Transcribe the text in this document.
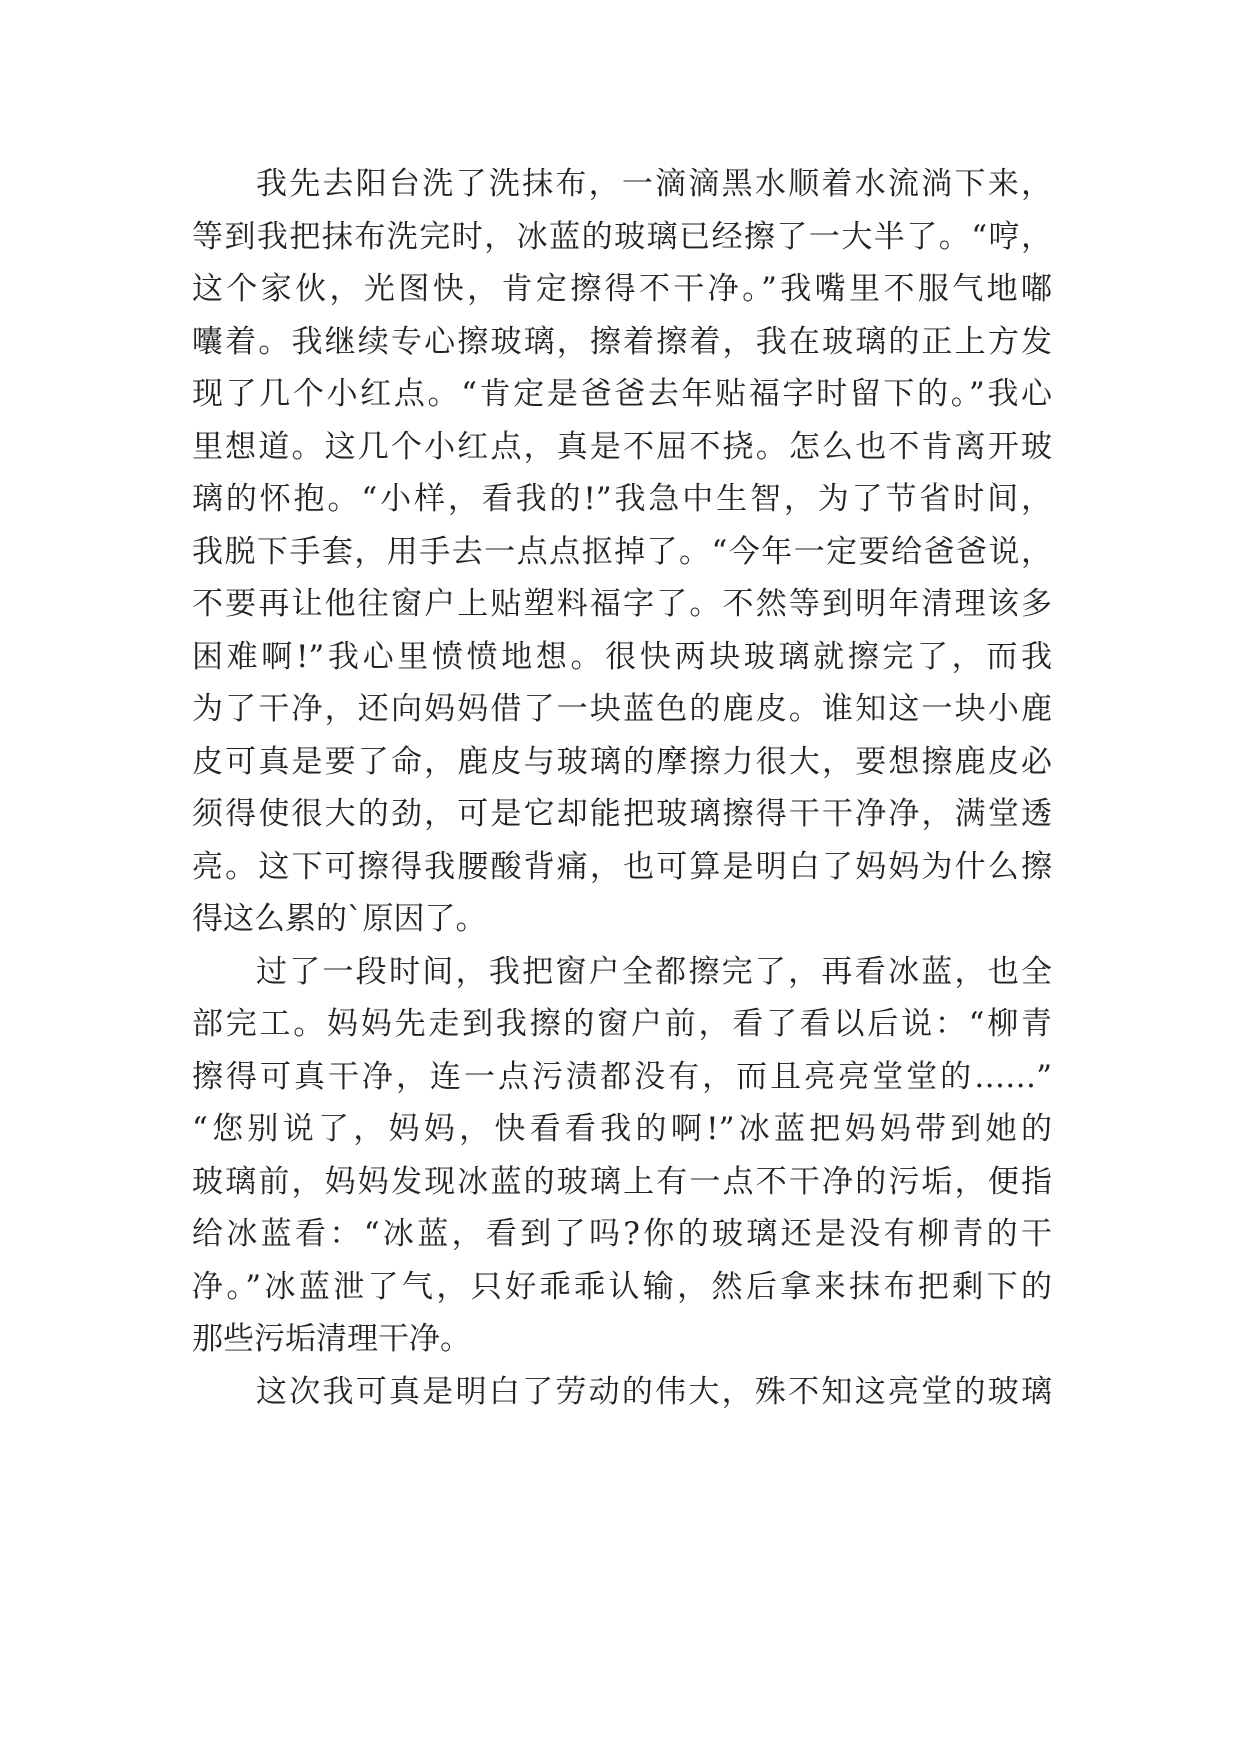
我先去阳台洗了洗抹布，一滴滴黑水顺着水流淌下来，
等到我把抹布洗完时，冰蓝的玻璃已经擦了一大半了。“哼，
这个家伙，光图快，肯定擦得不干净。”我嘴里不服气地嘟
囔着。我继续专心擦玻璃，擦着擦着，我在玻璃的正上方发
现了几个小红点。“肯定是爸爸去年贴福字时留下的。”我心
里想道。这几个小红点，真是不屈不挠。怎么也不肯离开玻
璃的怀抱。“小样，看我的!”我急中生智，为了节省时间，
我脱下手套，用手去一点点抠掉了。“今年一定要给爸爸说，
不要再让他往窗户上贴塑料福字了。不然等到明年清理该多
困难啊!”我心里愤愤地想。很快两块玻璃就擦完了，而我
为了干净，还向妈妈借了一块蓝色的鹿皮。谁知这一块小鹿
皮可真是要了命，鹿皮与玻璃的摩擦力很大，要想擦鹿皮必
须得使很大的劲，可是它却能把玻璃擦得干干净净，满堂透
亮。这下可擦得我腰酸背痛，也可算是明白了妈妈为什么擦
得这么累的`原因了。
过了一段时间，我把窗户全都擦完了，再看冰蓝，也全
部完工。妈妈先走到我擦的窗户前，看了看以后说：“柳青
擦得可真干净，连一点污渍都没有，而且亮亮堂堂的……”
“您别说了，妈妈，快看看我的啊!”冰蓝把妈妈带到她的
玻璃前，妈妈发现冰蓝的玻璃上有一点不干净的污垢，便指
给冰蓝看：“冰蓝，看到了吗?你的玻璃还是没有柳青的干
净。”冰蓝泄了气，只好乖乖认输，然后拿来抹布把剩下的
那些污垢清理干净。
这次我可真是明白了劳动的伟大，殊不知这亮堂的玻璃
